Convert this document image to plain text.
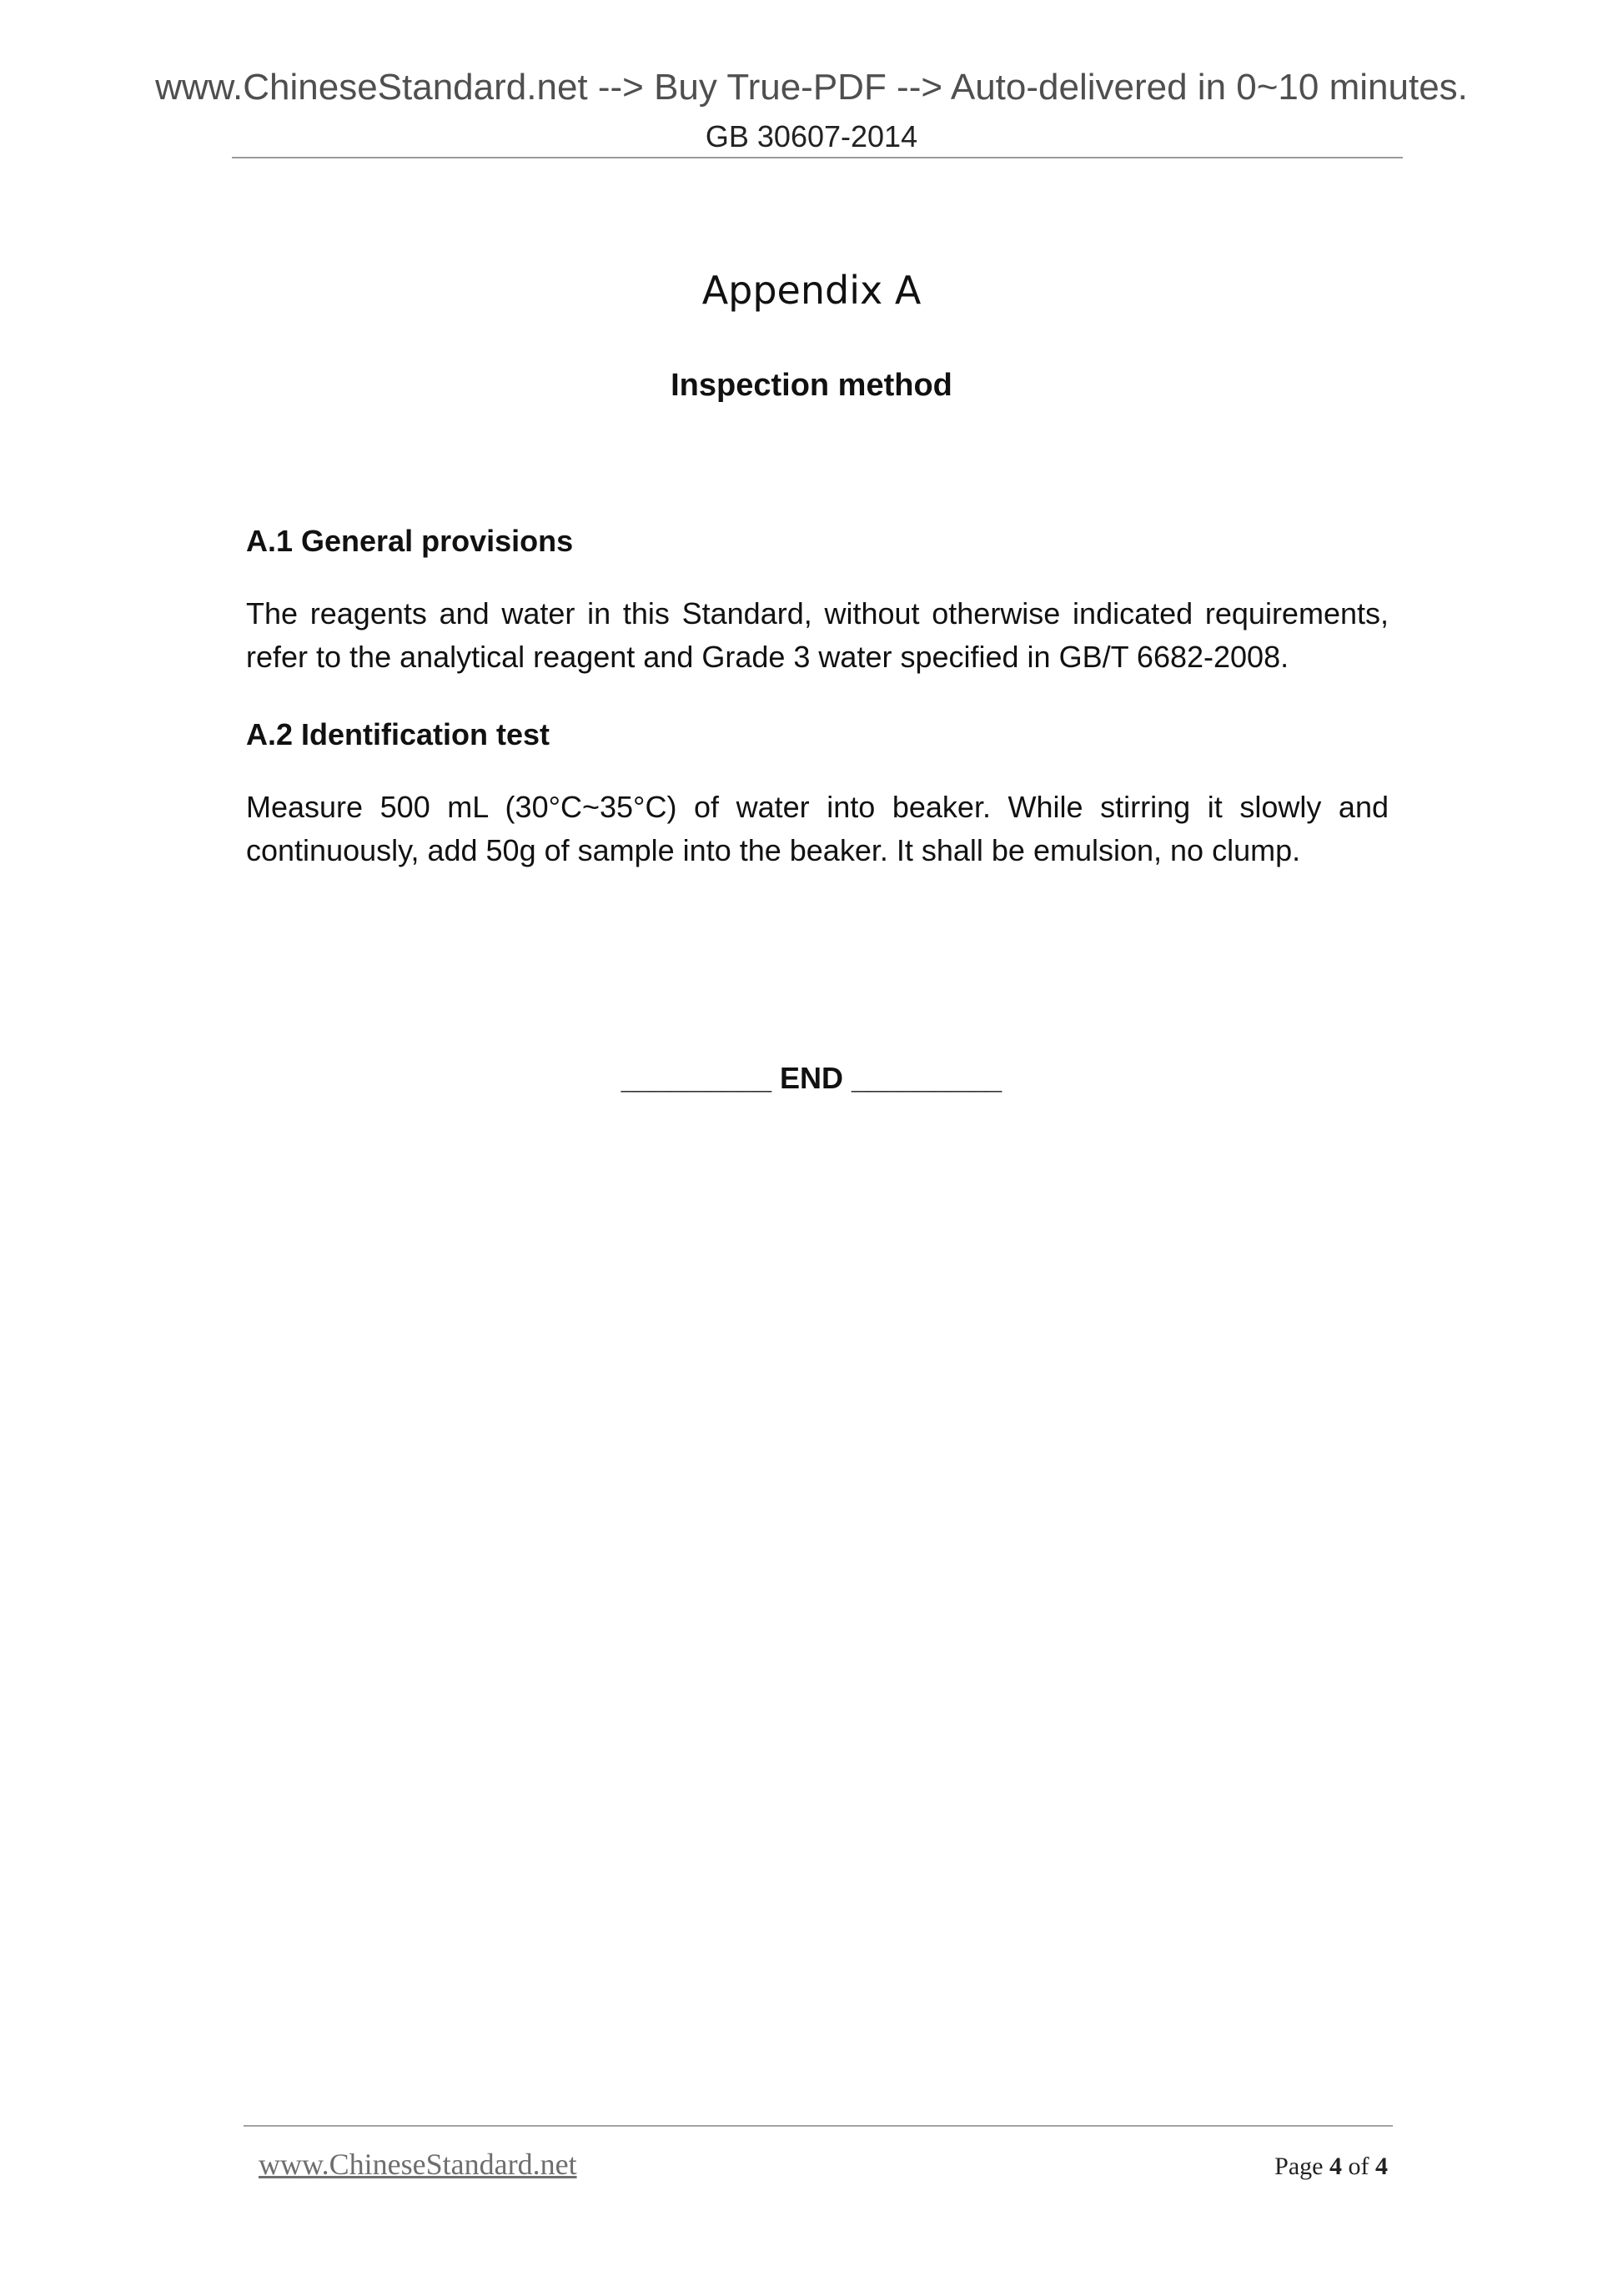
www.ChineseStandard.net --> Buy True-PDF --> Auto-delivered in 0~10 minutes.
GB 30607-2014
Appendix A
Inspection method
A.1 General provisions
The reagents and water in this Standard, without otherwise indicated requirements,
refer to the analytical reagent and Grade 3 water specified in GB/T 6682-2008.
A.2 Identification test
Measure 500 mL (30°C~35°C) of water into beaker. While stirring it slowly and
continuously, add 50g of sample into the beaker. It shall be emulsion, no clump.
_________ END _________
www.ChineseStandard.net	Page 4 of 4
